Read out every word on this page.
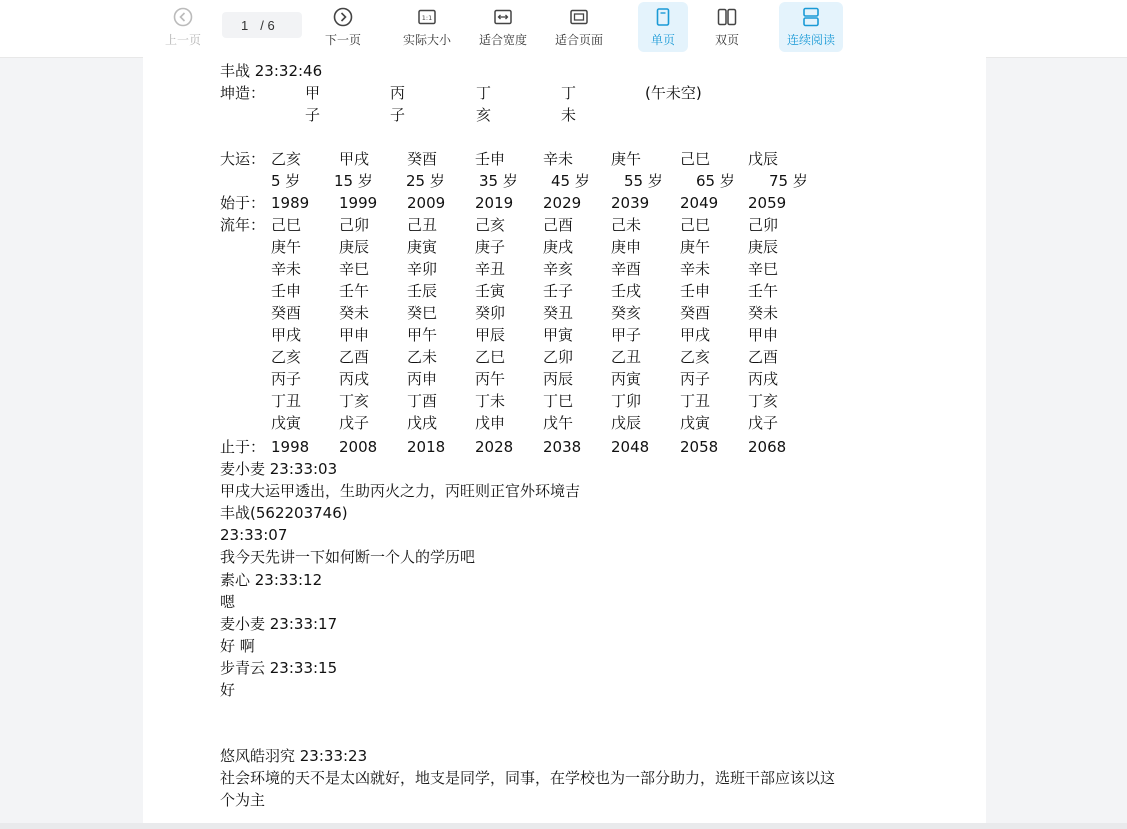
上一页
1 / 6
下一页
1:1
实际大小 适合宽度 适合页面	单页	双页	连续阅读
丰战 23:32:46
坤造：	甲	丙	丁	丁	(午未空)
子	子	亥	未
大运： 乙亥	甲戌	癸酉	壬申	辛未	庚午	己巳	戊辰
5 岁 15 岁 25 岁 35 岁 45 岁 55 岁 65 岁 75 岁
始于： 1989 1999 2009 2019 2029 2039 2049 2059
流年： 己巳	己卯	己丑	己亥	己酉	己未	己巳	己卯
庚午	庚辰	庚寅	庚子	庚戌	庚申	庚午	庚辰
辛未	辛巳	辛卯	辛丑	辛亥	辛酉	辛未	辛巳
壬申	壬午	壬辰	壬寅	壬子	壬戌	壬申	壬午
癸酉	癸未	癸巳	癸卯	癸丑	癸亥	癸酉	癸未
甲戌	甲申	甲午	甲辰	甲寅	甲子	甲戌	甲申
乙亥	乙酉	乙未	乙巳	乙卯	乙丑	乙亥	乙酉
丙子	丙戌	丙申	丙午	丙辰	丙寅	丙子	丙戌
丁丑	丁亥	丁酉	丁未	丁巳	丁卯	丁丑	丁亥
戊寅	戊子	戊戌	戊申	戊午	戊辰	戊寅	戊子
止于： 1998 2008 2018 2028 2038 2048 2058 2068
麦小麦 23:33:03
甲戌大运甲透出，生助丙火之力，丙旺则正官外环境吉
丰战(562203746)
23:33:07
我今天先讲一下如何断一个人的学历吧
素心 23:33:12
嗯
麦小麦 23:33:17
好 啊
步青云 23:33:15
好
悠风皓羽究 23:33:23
社会环境的天不是太凶就好，地支是同学，同事，在学校也为一部分助力，选班干部应该以这
个为主
